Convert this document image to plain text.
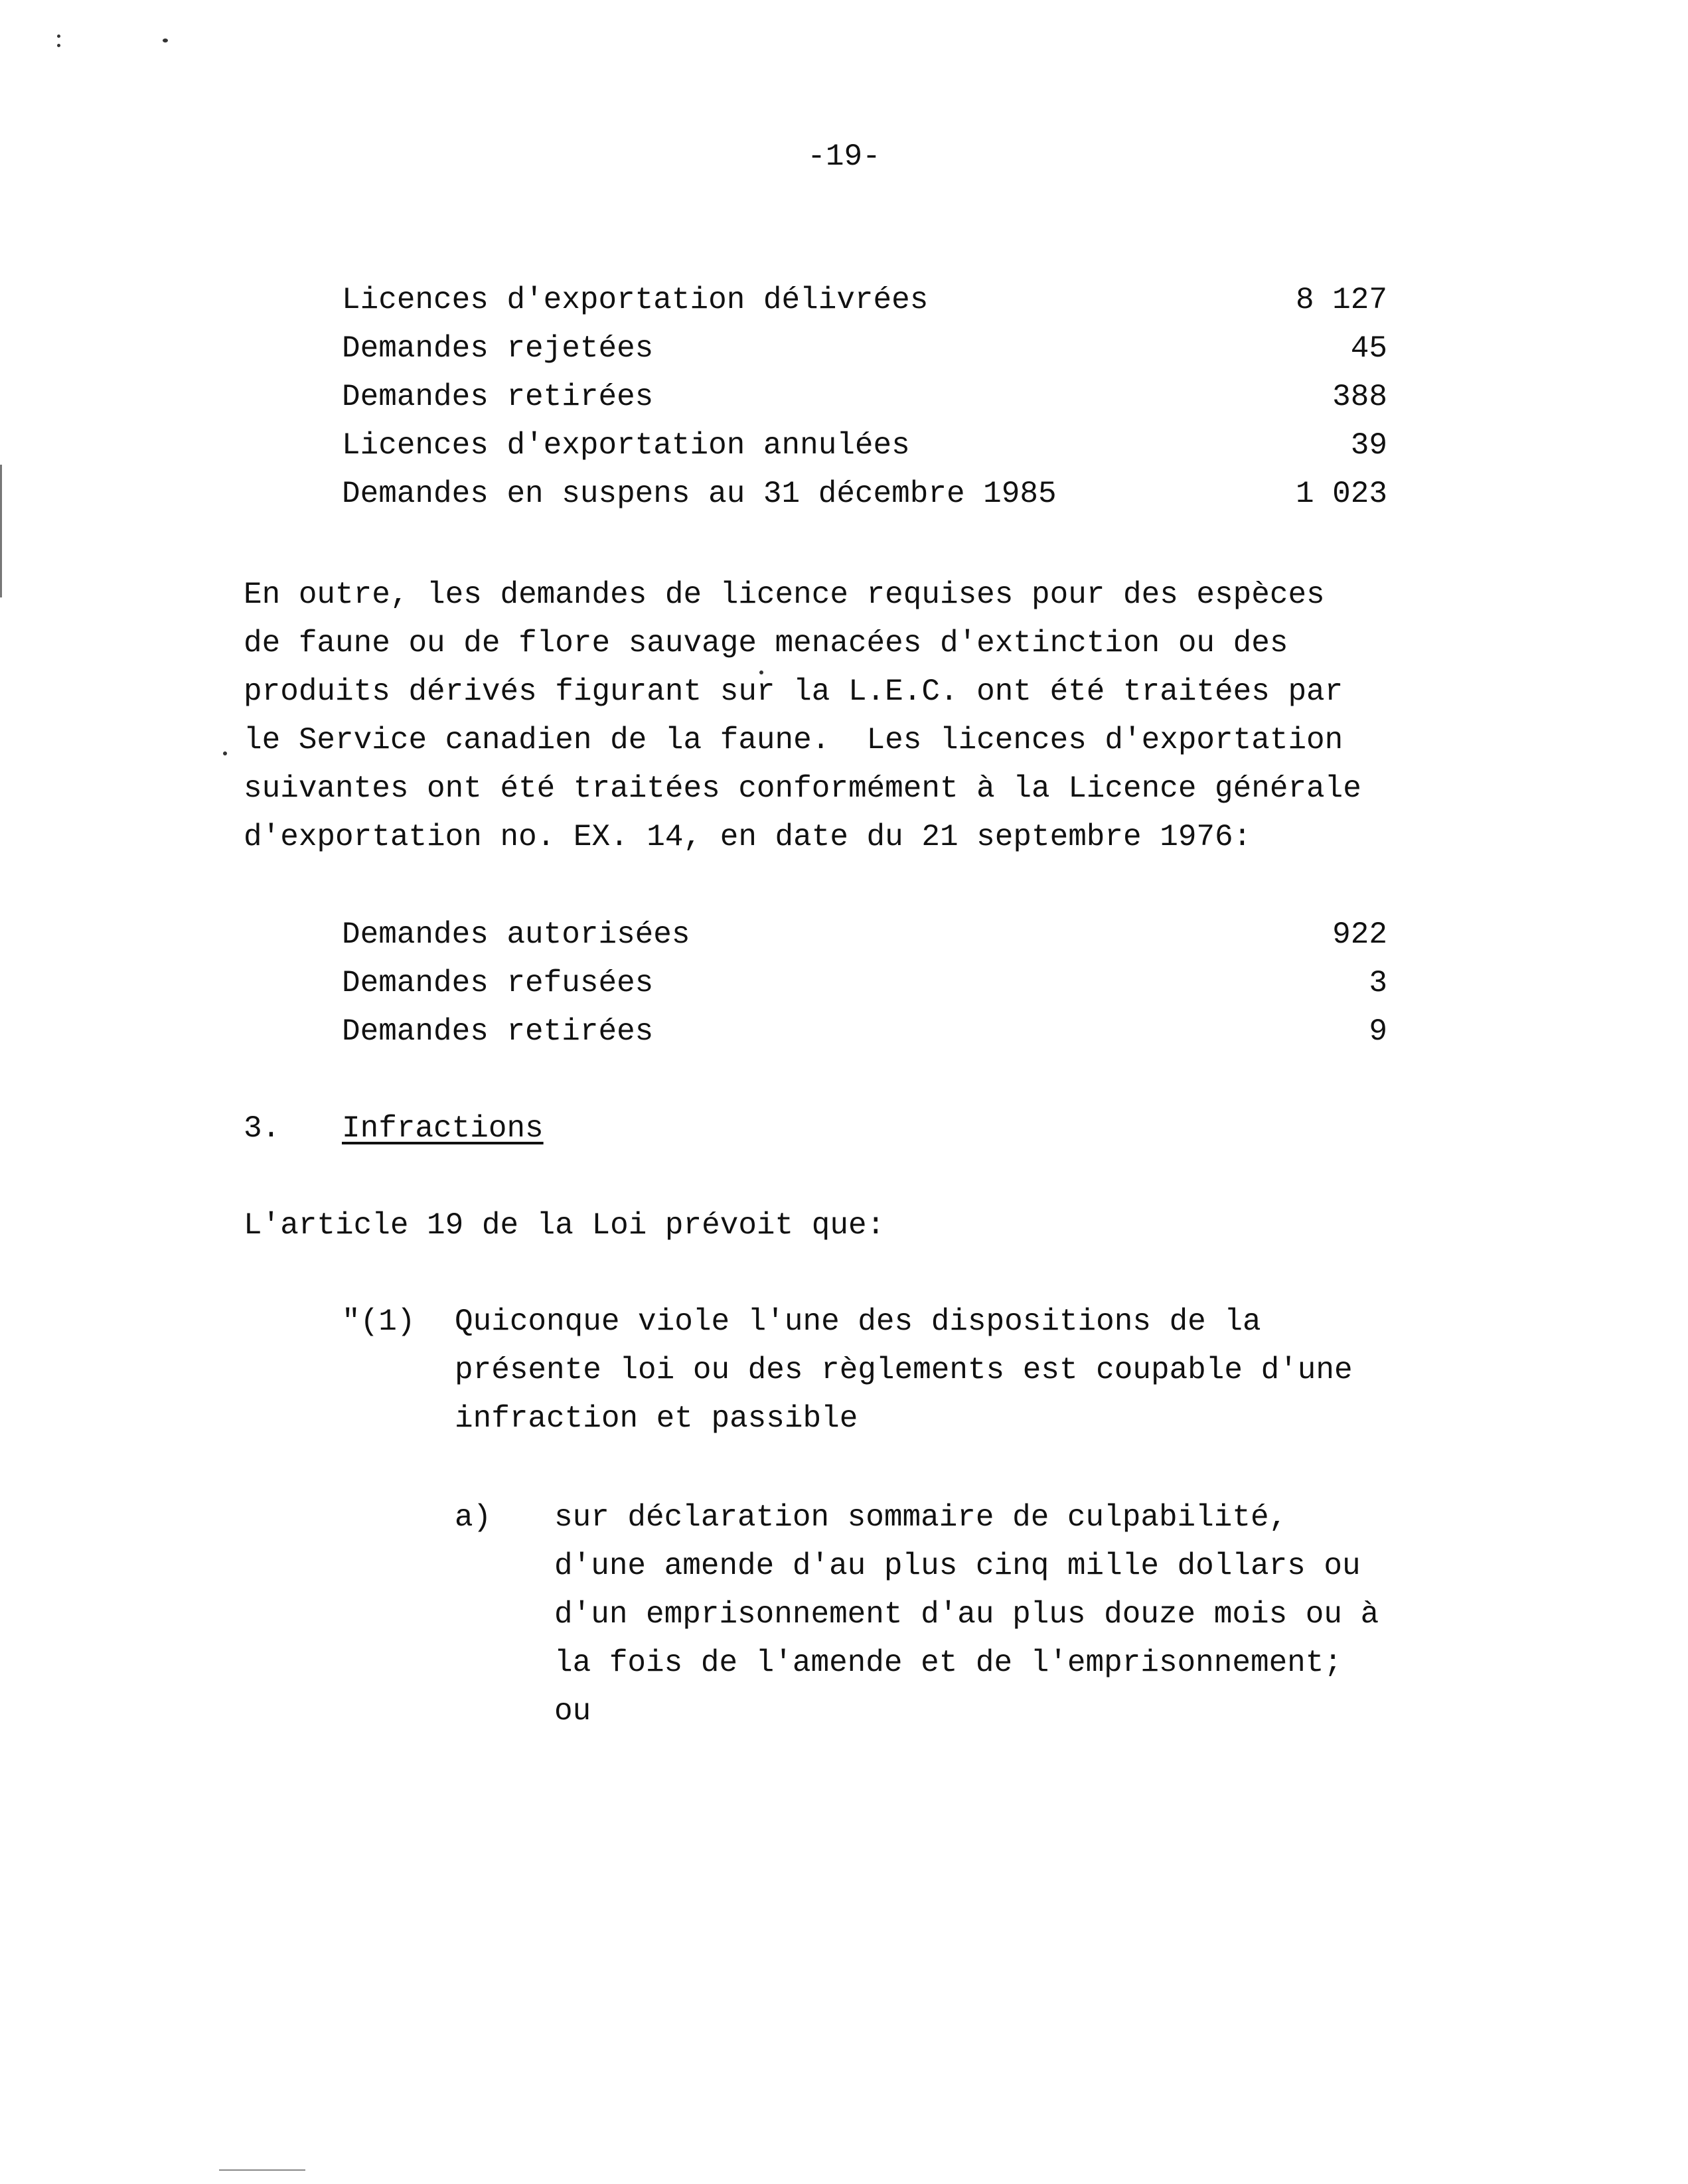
-19-
Licences d'exportation délivrées	8 127
Demandes rejetées	45
Demandes retirées	388
Licences d'exportation annulées	39
Demandes en suspens au 31 décembre 1985	1 023
En outre, les demandes de licence requises pour des espèces
de faune ou de flore sauvage menacées d'extinction ou des
produits dérivés figurant sur la L.E.C. ont été traitées par
le Service canadien de la faune.  Les licences d'exportation
suivantes ont été traitées conformément à la Licence générale
d'exportation no. EX. 14, en date du 21 septembre 1976:
Demandes autorisées	922
Demandes refusées	3
Demandes retirées	9

3.

Infractions

L'article 19 de la Loi prévoit que:
"(1) Quiconque viole l'une des dispositions de la
présente loi ou des règlements est coupable d'une
infraction et passible
a) sur déclaration sommaire de culpabilité,
d'une amende d'au plus cinq mille dollars ou
d'un emprisonnement d'au plus douze mois ou à
la fois de l'amende et de l'emprisonnement;
ou
